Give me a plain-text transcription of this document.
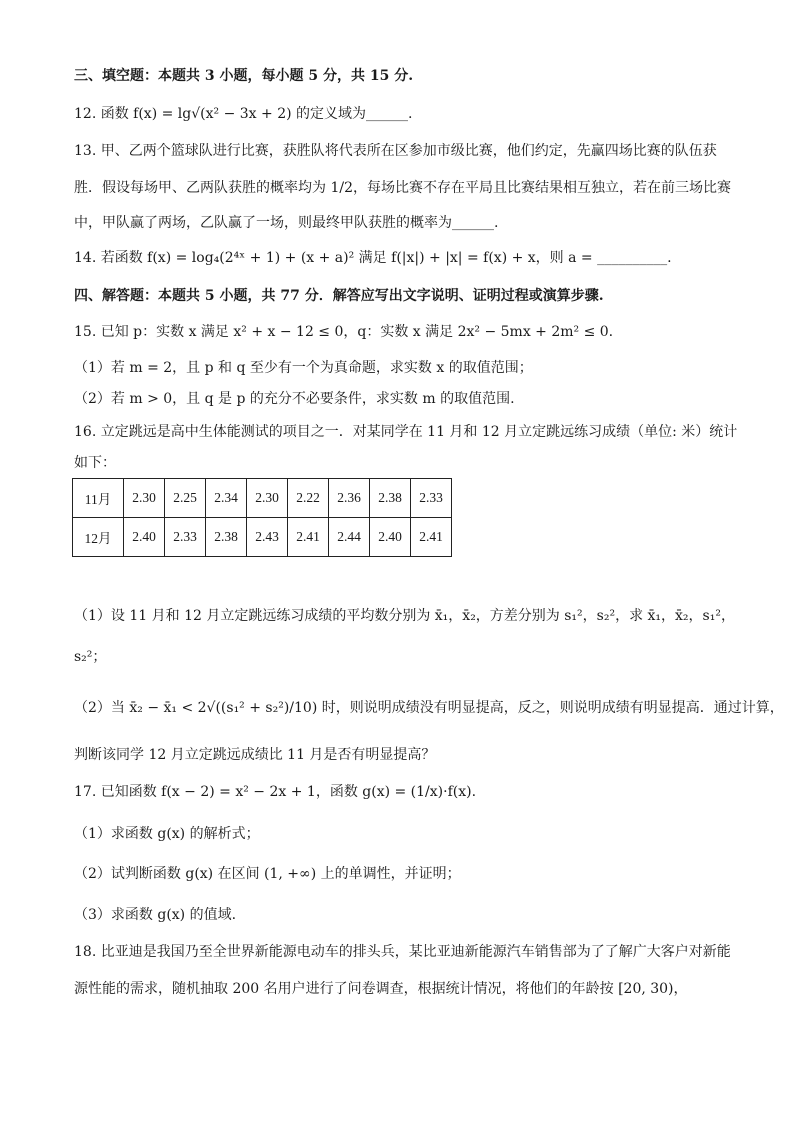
三、填空题：本题共 3 小题，每小题 5 分，共 15 分.
12. 函数 f(x) = lg√(x² − 3x + 2) 的定义域为______.
13. 甲、乙两个篮球队进行比赛，获胜队将代表所在区参加市级比赛，他们约定，先赢四场比赛的队伍获
胜．假设每场甲、乙两队获胜的概率均为 1/2，每场比赛不存在平局且比赛结果相互独立，若在前三场比赛
中，甲队赢了两场，乙队赢了一场，则最终甲队获胜的概率为______.
14. 若函数 f(x) = log₄(2⁴ˣ + 1) + (x + a)² 满足 f(|x|) + |x| = f(x) + x，则 a = __________.
四、解答题：本题共 5 小题，共 77 分．解答应写出文字说明、证明过程或演算步骤.
15. 已知 p：实数 x 满足 x² + x − 12 ≤ 0，q：实数 x 满足 2x² − 5mx + 2m² ≤ 0.
（1）若 m = 2，且 p 和 q 至少有一个为真命题，求实数 x 的取值范围；
（2）若 m > 0，且 q 是 p 的充分不必要条件，求实数 m 的取值范围.
16. 立定跳远是高中生体能测试的项目之一．对某同学在 11 月和 12 月立定跳远练习成绩（单位: 米）统计
如下：
11月	2.30	2.25	2.34	2.30	2.22	2.36	2.38	2.33
12月	2.40	2.33	2.38	2.43	2.41	2.44	2.40	2.41
（1）设 11 月和 12 月立定跳远练习成绩的平均数分别为 x̄₁，x̄₂，方差分别为 s₁²，s₂²，求 x̄₁，x̄₂，s₁²，
s₂²；
（2）当 x̄₂ − x̄₁ < 2√((s₁² + s₂²)/10) 时，则说明成绩没有明显提高，反之，则说明成绩有明显提高．通过计算，
判断该同学 12 月立定跳远成绩比 11 月是否有明显提高？
17. 已知函数 f(x − 2) = x² − 2x + 1，函数 g(x) = (1/x)·f(x).
（1）求函数 g(x) 的解析式；
（2）试判断函数 g(x) 在区间 (1, +∞) 上的单调性，并证明；
（3）求函数 g(x) 的值域.
18. 比亚迪是我国乃至全世界新能源电动车的排头兵，某比亚迪新能源汽车销售部为了了解广大客户对新能
源性能的需求，随机抽取 200 名用户进行了问卷调查，根据统计情况，将他们的年龄按 [20, 30)，
